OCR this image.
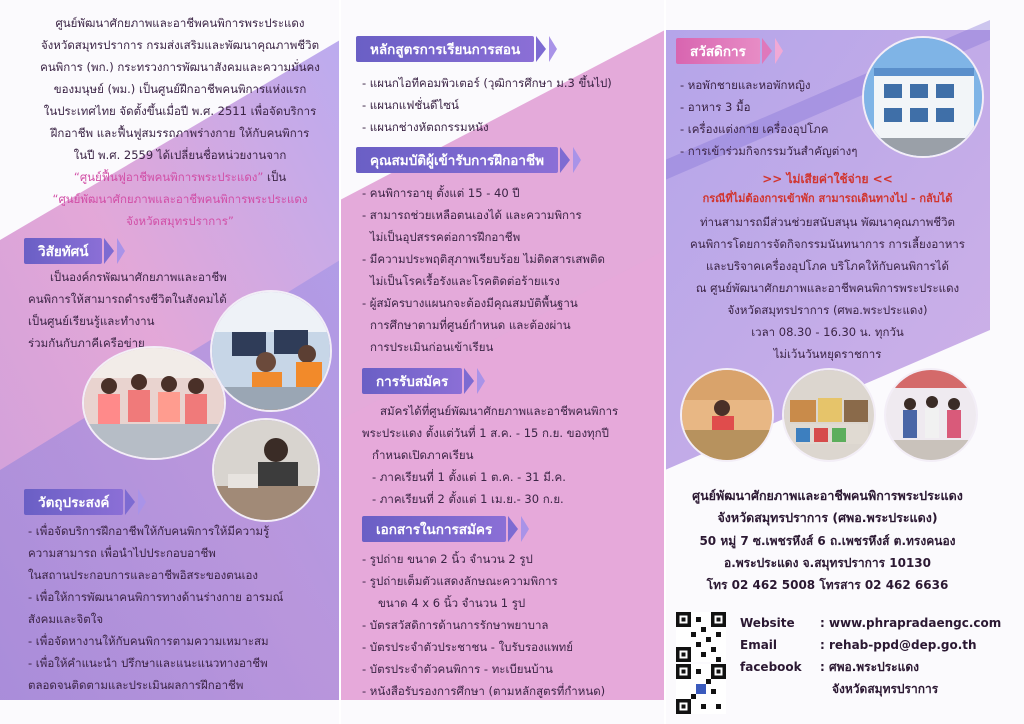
ศูนย์พัฒนาศักยภาพและอาชีพคนพิการพระประแดง
จังหวัดสมุทรปราการ กรมส่งเสริมและพัฒนาคุณภาพชีวิต
คนพิการ (พก.) กระทรวงการพัฒนาสังคมและความมั่นคง
ของมนุษย์ (พม.) เป็นศูนย์ฝึกอาชีพคนพิการแห่งแรก
ในประเทศไทย จัดตั้งขึ้นเมื่อปี พ.ศ. 2511 เพื่อจัดบริการ
ฝึกอาชีพ และฟื้นฟูสมรรถภาพร่างกาย ให้กับคนพิการ
ในปี พ.ศ. 2559 ได้เปลี่ยนชื่อหน่วยงานจาก
“ศูนย์ฟื้นฟูอาชีพคนพิการพระประแดง” เป็น
“ศูนย์พัฒนาศักยภาพและอาชีพคนพิการพระประแดง
จังหวัดสมุทรปราการ”
วิสัยทัศน์
เป็นองค์กรพัฒนาศักยภาพและอาชีพ
คนพิการให้สามารถดำรงชีวิตในสังคมได้
เป็นศูนย์เรียนรู้และทำงาน
ร่วมกันกับภาคีเครือข่าย
วัตถุประสงค์
- เพื่อจัดบริการฝึกอาชีพให้กับคนพิการให้มีความรู้
ความสามารถ เพื่อนำไปประกอบอาชีพ
ในสถานประกอบการและอาชีพอิสระของตนเอง
- เพื่อให้การพัฒนาคนพิการทางด้านร่างกาย อารมณ์
สังคมและจิตใจ
- เพื่อจัดหางานให้กับคนพิการตามความเหมาะสม
- เพื่อให้คำแนะนำ ปรึกษาและแนะแนวทางอาชีพ
ตลอดจนติดตามและประเมินผลการฝึกอาชีพ
หลักสูตรการเรียนการสอน
- แผนกไอทีคอมพิวเตอร์ (วุฒิการศึกษา ม.3 ขึ้นไป)
- แผนกแฟชั่นดีไซน์
- แผนกช่างหัตถกรรมหนัง
คุณสมบัติผู้เข้ารับการฝึกอาชีพ
- คนพิการอายุ ตั้งแต่ 15 - 40 ปี
- สามารถช่วยเหลือตนเองได้ และความพิการ
ไม่เป็นอุปสรรคต่อการฝึกอาชีพ
- มีความประพฤติสุภาพเรียบร้อย ไม่ติดสารเสพติด
ไม่เป็นโรคเรื้อรังและโรคติดต่อร้ายแรง
- ผู้สมัครบางแผนกจะต้องมีคุณสมบัติพื้นฐาน
การศึกษาตามที่ศูนย์กำหนด และต้องผ่าน
การประเมินก่อนเข้าเรียน
การรับสมัคร
สมัครได้ที่ศูนย์พัฒนาศักยภาพและอาชีพคนพิการ
พระประแดง ตั้งแต่วันที่ 1 ส.ค. - 15 ก.ย. ของทุกปี
กำหนดเปิดภาคเรียน
- ภาคเรียนที่ 1 ตั้งแต่ 1 ต.ค. - 31 มี.ค.
- ภาคเรียนที่ 2 ตั้งแต่ 1 เม.ย.- 30 ก.ย.
เอกสารในการสมัคร
- รูปถ่าย ขนาด 2 นิ้ว จำนวน 2 รูป
- รูปถ่ายเต็มตัวแสดงลักษณะความพิการ
ขนาด 4 x 6 นิ้ว จำนวน 1 รูป
- บัตรสวัสดิการด้านการรักษาพยาบาล
- บัตรประจำตัวประชาชน - ใบรับรองแพทย์
- บัตรประจำตัวคนพิการ - ทะเบียนบ้าน
- หนังสือรับรองการศึกษา (ตามหลักสูตรที่กำหนด)
สวัสดิการ
- หอพักชายและหอพักหญิง
- อาหาร 3 มื้อ
- เครื่องแต่งกาย เครื่องอุปโภค
- การเข้าร่วมกิจกรรมวันสำคัญต่างๆ
>> ไม่เสียค่าใช้จ่าย <<
กรณีที่ไม่ต้องการเข้าพัก สามารถเดินทางไป - กลับได้
ท่านสามารถมีส่วนช่วยสนับสนุน พัฒนาคุณภาพชีวิต
คนพิการโดยการจัดกิจกรรมนันทนาการ การเลี้ยงอาหาร
และบริจาคเครื่องอุปโภค บริโภคให้กับคนพิการได้
ณ ศูนย์พัฒนาศักยภาพและอาชีพคนพิการพระประแดง
จังหวัดสมุทรปราการ (ศพอ.พระประแดง)
เวลา 08.30 - 16.30 น. ทุกวัน
ไม่เว้นวันหยุดราชการ
ศูนย์พัฒนาศักยภาพและอาชีพคนพิการพระประแดง
จังหวัดสมุทรปราการ (ศพอ.พระประแดง)
50 หมู่ 7 ซ.เพชรหึงส์ 6 ถ.เพชรหึงส์ ต.ทรงคนอง
อ.พระประแดง จ.สมุทรปราการ 10130
โทร 02 462 5008 โทรสาร 02 462 6636
Website : www.phrapradaengc.com
Email	: rehab-ppd@dep.go.th
facebook : ศพอ.พระประแดง
จังหวัดสมุทรปราการ
